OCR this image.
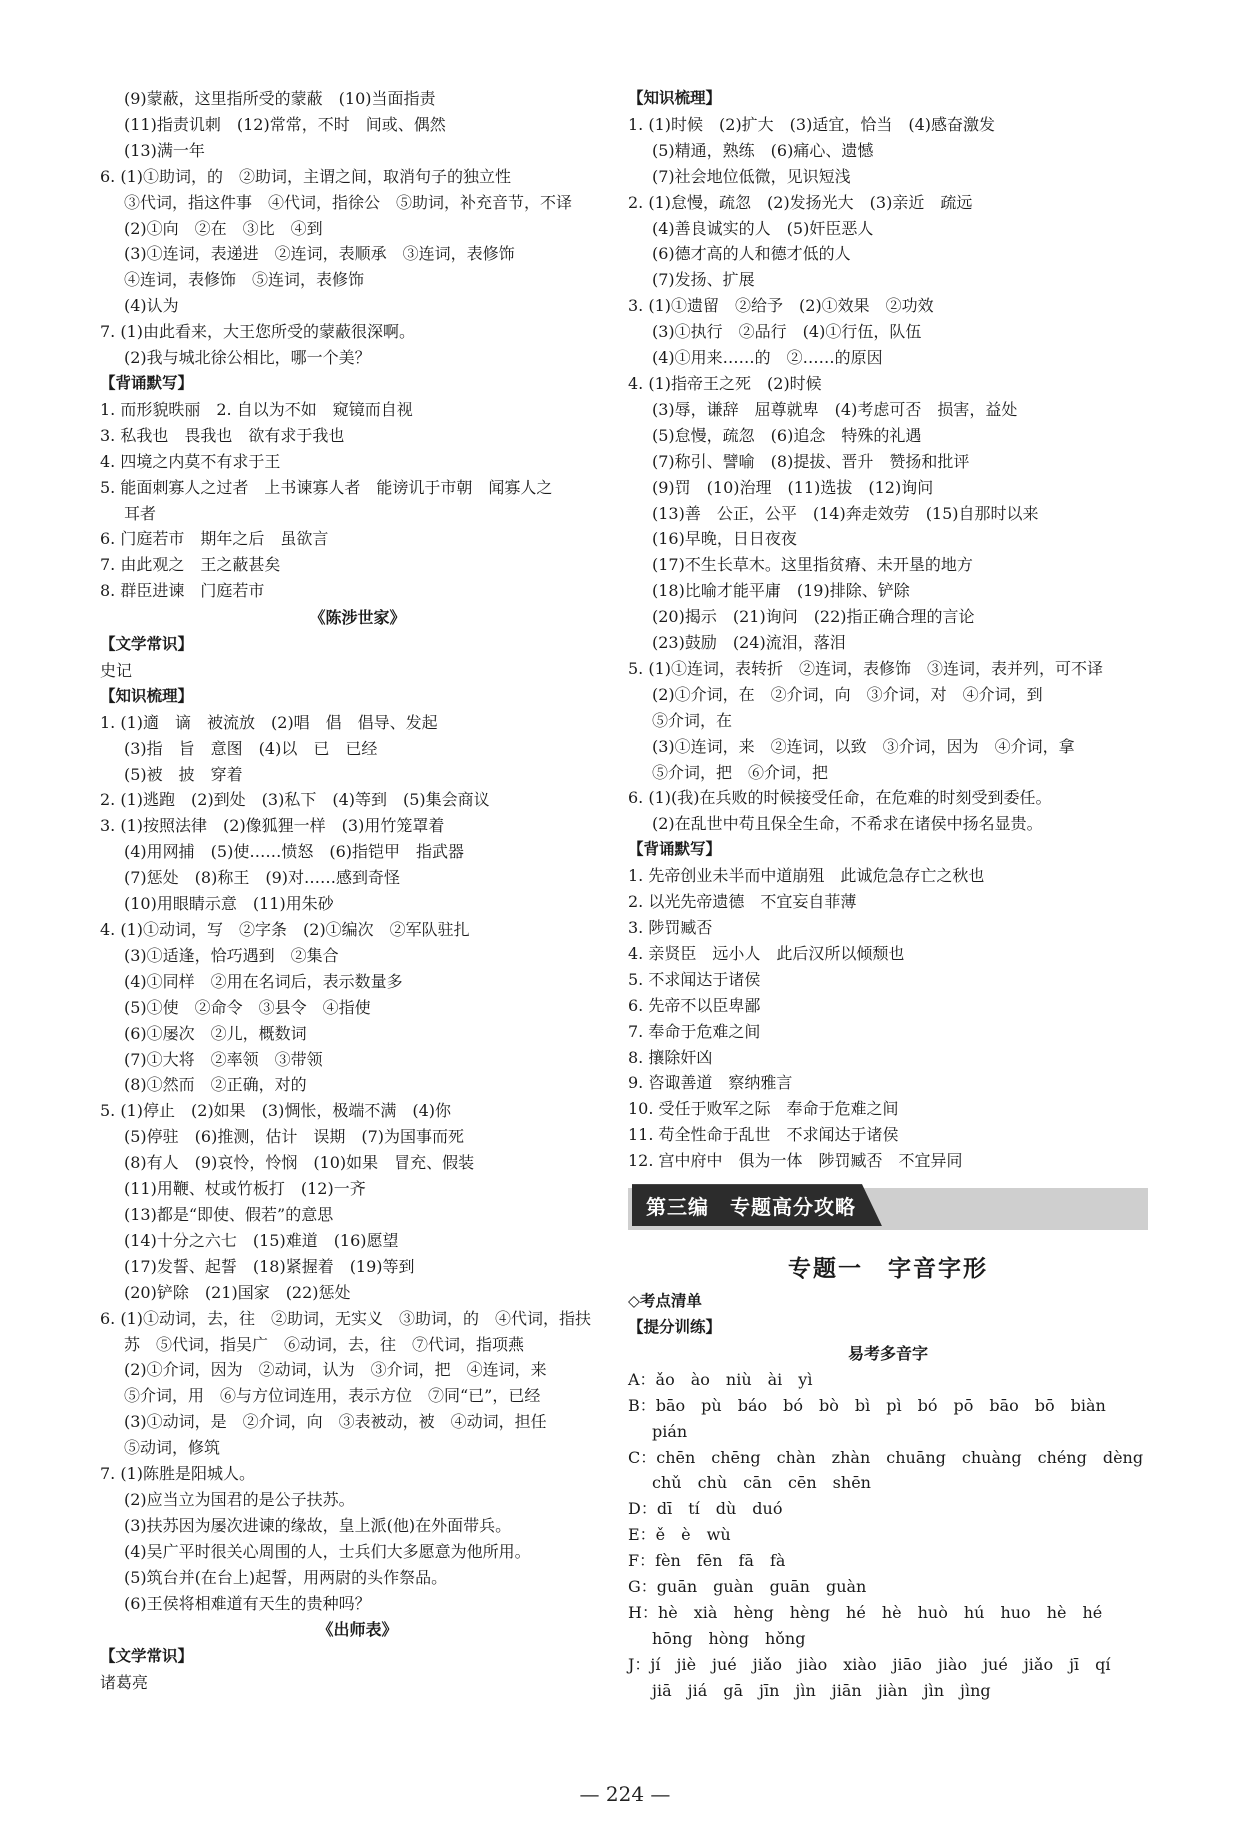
(9)蒙蔽，这里指所受的蒙蔽　(10)当面指责
(11)指责讥刺　(12)常常，不时　间或、偶然
(13)满一年
6. (1)①助词，的　②助词，主谓之间，取消句子的独立性
③代词，指这件事　④代词，指徐公　⑤助词，补充音节，不译
(2)①向　②在　③比　④到
(3)①连词，表递进　②连词，表顺承　③连词，表修饰
④连词，表修饰　⑤连词，表修饰
(4)认为
7. (1)由此看来，大王您所受的蒙蔽很深啊。
(2)我与城北徐公相比，哪一个美？
【背诵默写】
1. 而形貌昳丽　2. 自以为不如　窥镜而自视
3. 私我也　畏我也　欲有求于我也
4. 四境之内莫不有求于王
5. 能面刺寡人之过者　上书谏寡人者　能谤讥于市朝　闻寡人之
耳者
6. 门庭若市　期年之后　虽欲言
7. 由此观之　王之蔽甚矣
8. 群臣进谏　门庭若市
《陈涉世家》
【文学常识】
史记
【知识梳理】
1. (1)適　谪　被流放　(2)唱　倡　倡导、发起
(3)指　旨　意图　(4)以　已　已经
(5)被　披　穿着
2. (1)逃跑　(2)到处　(3)私下　(4)等到　(5)集会商议
3. (1)按照法律　(2)像狐狸一样　(3)用竹笼罩着
(4)用网捕　(5)使……愤怒　(6)指铠甲　指武器
(7)惩处　(8)称王　(9)对……感到奇怪
(10)用眼睛示意　(11)用朱砂
4. (1)①动词，写　②字条　(2)①编次　②军队驻扎
(3)①适逢，恰巧遇到　②集合
(4)①同样　②用在名词后，表示数量多
(5)①使　②命令　③县令　④指使
(6)①屡次　②儿，概数词
(7)①大将　②率领　③带领
(8)①然而　②正确，对的
5. (1)停止　(2)如果　(3)惆怅，极端不满　(4)你
(5)停驻　(6)推测，估计　误期　(7)为国事而死
(8)有人　(9)哀怜，怜悯　(10)如果　冒充、假装
(11)用鞭、杖或竹板打　(12)一齐
(13)都是“即使、假若”的意思
(14)十分之六七　(15)难道　(16)愿望
(17)发誓、起誓　(18)紧握着　(19)等到
(20)铲除　(21)国家　(22)惩处
6. (1)①动词，去，往　②助词，无实义　③助词，的　④代词，指扶
苏　⑤代词，指吴广　⑥动词，去，往　⑦代词，指项燕
(2)①介词，因为　②动词，认为　③介词，把　④连词，来
⑤介词，用　⑥与方位词连用，表示方位　⑦同“已”，已经
(3)①动词，是　②介词，向　③表被动，被　④动词，担任
⑤动词，修筑
7. (1)陈胜是阳城人。
(2)应当立为国君的是公子扶苏。
(3)扶苏因为屡次进谏的缘故，皇上派(他)在外面带兵。
(4)吴广平时很关心周围的人，士兵们大多愿意为他所用。
(5)筑台并(在台上)起誓，用两尉的头作祭品。
(6)王侯将相难道有天生的贵种吗？
《出师表》
【文学常识】
诸葛亮
【知识梳理】
1. (1)时候　(2)扩大　(3)适宜，恰当　(4)感奋激发
(5)精通，熟练　(6)痛心、遗憾
(7)社会地位低微，见识短浅
2. (1)怠慢，疏忽　(2)发扬光大　(3)亲近　疏远
(4)善良诚实的人　(5)奸臣恶人
(6)德才高的人和德才低的人
(7)发扬、扩展
3. (1)①遗留　②给予　(2)①效果　②功效
(3)①执行　②品行　(4)①行伍，队伍
(4)①用来……的　②……的原因
4. (1)指帝王之死　(2)时候
(3)辱，谦辞　屈尊就卑　(4)考虑可否　损害，益处
(5)怠慢，疏忽　(6)追念　特殊的礼遇
(7)称引、譬喻　(8)提拔、晋升　赞扬和批评
(9)罚　(10)治理　(11)选拔　(12)询问
(13)善　公正，公平　(14)奔走效劳　(15)自那时以来
(16)早晚，日日夜夜
(17)不生长草木。这里指贫瘠、未开垦的地方
(18)比喻才能平庸　(19)排除、铲除
(20)揭示　(21)询问　(22)指正确合理的言论
(23)鼓励　(24)流泪，落泪
5. (1)①连词，表转折　②连词，表修饰　③连词，表并列，可不译
(2)①介词，在　②介词，向　③介词，对　④介词，到
⑤介词，在
(3)①连词，来　②连词，以致　③介词，因为　④介词，拿
⑤介词，把　⑥介词，把
6. (1)(我)在兵败的时候接受任命，在危难的时刻受到委任。
(2)在乱世中苟且保全生命，不希求在诸侯中扬名显贵。
【背诵默写】
1. 先帝创业未半而中道崩殂　此诚危急存亡之秋也
2. 以光先帝遗德　不宜妄自菲薄
3. 陟罚臧否
4. 亲贤臣　远小人　此后汉所以倾颓也
5. 不求闻达于诸侯
6. 先帝不以臣卑鄙
7. 奉命于危难之间
8. 攘除奸凶
9. 咨诹善道　察纳雅言
10. 受任于败军之际　奉命于危难之间
11. 苟全性命于乱世　不求闻达于诸侯
12. 宫中府中　俱为一体　陟罚臧否　不宜异同
第三编　专题高分攻略
专题一　字音字形
◇考点清单
【提分训练】
易考多音字
A：ǎo　ào　niù　ài　yì
B：bāo　pù　báo　bó　bò　bì　pì　bó　pō　bāo　bō　biàn
pián
C：chēn　chēng　chàn　zhàn　chuāng　chuàng　chéng　dèng
chǔ　chù　cān　cēn　shēn
D：dī　tí　dù　duó
E：ě　è　wù
F：fèn　fēn　fā　fà
G：guān　guàn　guān　guàn
H：hè　xià　hèng　hèng　hé　hè　huò　hú　huo　hè　hé
hōng　hòng　hǒng
J：jí　jiè　jué　jiǎo　jiào　xiào　jiāo　jiào　jué　jiǎo　jī　qí
jiā　jiá　gā　jīn　jìn　jiān　jiàn　jìn　jìng
— 224 —
